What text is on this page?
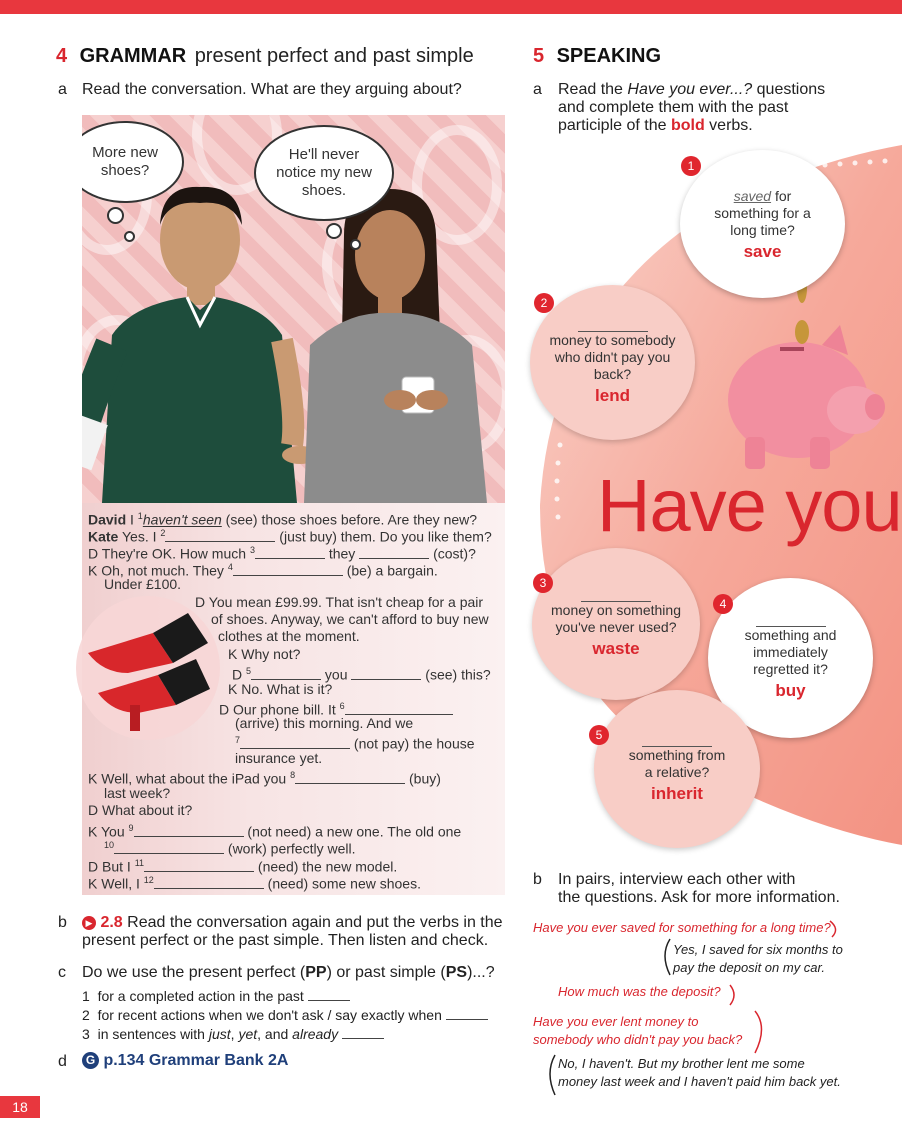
4 GRAMMAR present perfect and past simple
a Read the conversation. What are they arguing about?
More new shoes?
He'll never notice my new shoes.
David I $^1$haven't seen (see) those shoes before. Are they new?
Kate Yes. I $^2$	(just buy) them. Do you like them?
D They're OK. How much $^3$	they	(cost)?
K Oh, not much. They $^4$	(be) a bargain.
Under £100.
D You mean £99.99. That isn't cheap for a pair
of shoes. Anyway, we can't afford to buy new
clothes at the moment.
K Why not?
D $^5$	you	(see) this?
K No. What is it?
D Our phone bill. It $^6$
(arrive) this morning. And we
$^7$	(not pay) the house
insurance yet.
K Well, what about the iPad you $^8$	(buy)
last week?
D What about it?
K You $^9$	(not need) a new one. The old one
$^{10}$	(work) perfectly well.
D But I $^{11}$	(need) the new model.
K Well, I $^{12}$	(need) some new shoes.
b	▶ 2.8 Read the conversation again and put the verbs in the
present perfect or the past simple. Then listen and check.
c Do we use the present perfect (PP) or past simple (PS)...?
1 for a completed action in the past
2 for recent actions when we don't ask / say exactly when
3 in sentences with just, yet, and already
d	G p.134 Grammar Bank 2A
5 SPEAKING
a Read the Have you ever...? questions
and complete them with the past
participle of the bold verbs.
Have you
saved for
something for a
long time?
save
1
money to somebody
who didn't pay you
back?
lend
2
money on something
you've never used?
waste
3
something and
immediately
regretted it?
buy
4
something from
a relative?
inherit
5
b In pairs, interview each other with
the questions. Ask for more information.
Have you ever saved for something for a long time?
Yes, I saved for six months to
pay the deposit on my car.
How much was the deposit?
Have you ever lent money to
somebody who didn't pay you back?
No, I haven't. But my brother lent me some
money last week and I haven't paid him back yet.
18
